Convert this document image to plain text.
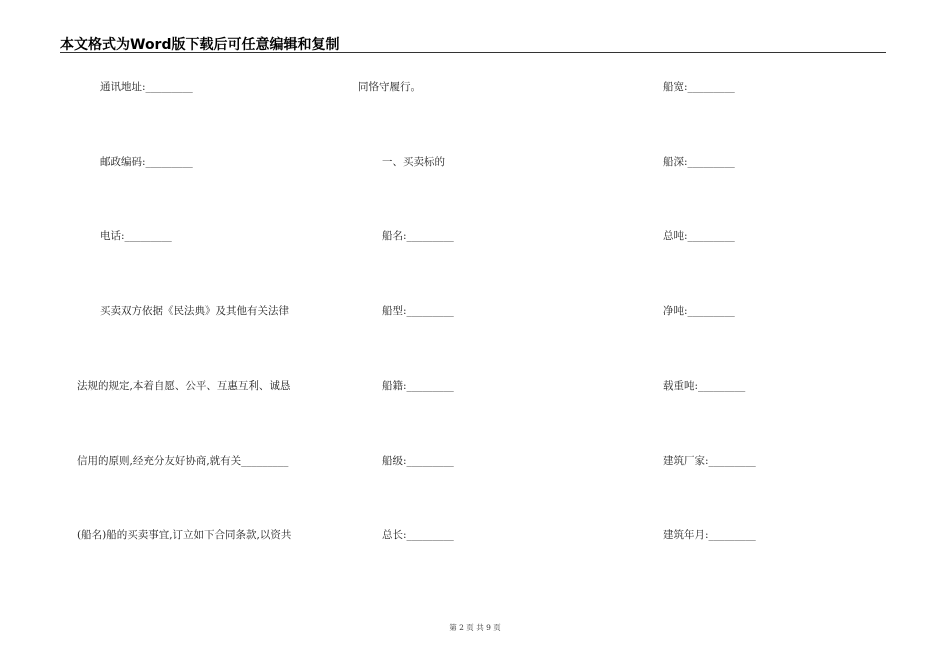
本文格式为Word版下载后可任意编辑和复制
通讯地址:_________
邮政编码:_________
电话:_________
买卖双方依据《民法典》及其他有关法律
法规的规定,本着自愿、公平、互惠互利、诚恳
信用的原则,经充分友好协商,就有关_________
(船名)船的买卖事宜,订立如下合同条款,以资共
同恪守履行。
一、买卖标的
船名:_________
船型:_________
船籍:_________
船级:_________
总长:_________
船宽:_________
船深:_________
总吨:_________
净吨:_________
载重吨:_________
建筑厂家:_________
建筑年月:_________
第 2 页 共 9 页
